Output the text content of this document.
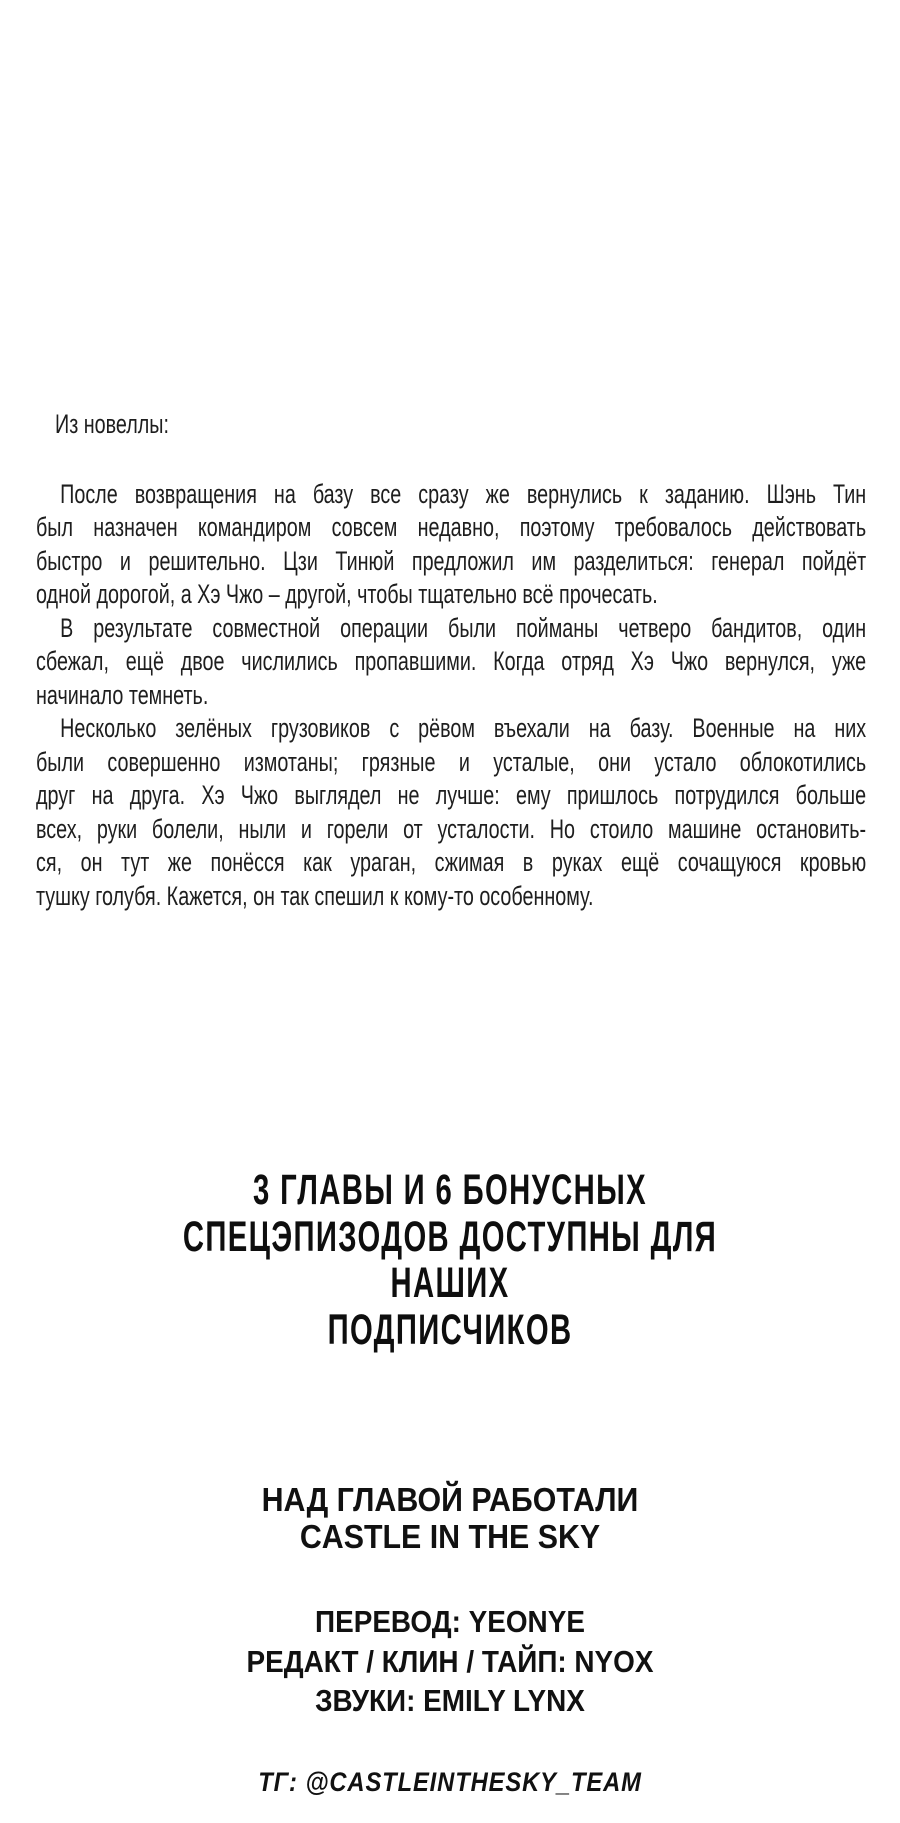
Из новеллы:
После возвращения на базу все сразу же вернулись к заданию. Шэнь Тин
был назначен командиром совсем недавно, поэтому требовалось действовать
быстро и решительно. Цзи Тинюй предложил им разделиться: генерал пойдёт
одной дорогой, а Хэ Чжо – другой, чтобы тщательно всё прочесать.
В результате совместной операции были пойманы четверо бандитов, один
сбежал, ещё двое числились пропавшими. Когда отряд Хэ Чжо вернулся, уже
начинало темнеть.
Несколько зелёных грузовиков с рёвом въехали на базу. Военные на них
были совершенно измотаны; грязные и усталые, они устало облокотились
друг на друга. Хэ Чжо выглядел не лучше: ему пришлось потрудился больше
всех, руки болели, ныли и горели от усталости. Но стоило машине остановить-
ся, он тут же понёсся как ураган, сжимая в руках ещё сочащуюся кровью
тушку голубя. Кажется, он так спешил к кому-то особенному.
3 ГЛАВЫ И 6 БОНУСНЫХ
СПЕЦЭПИЗОДОВ ДОСТУПНЫ ДЛЯ НАШИХ
ПОДПИСЧИКОВ
НАД ГЛАВОЙ РАБОТАЛИ
CASTLE IN THE SKY
ПЕРЕВОД: YEONYE
РЕДАКТ / КЛИН / ТАЙП: NYOX
ЗВУКИ: EMILY LYNX
ТГ: @CASTLEINTHESKY_TEAM
